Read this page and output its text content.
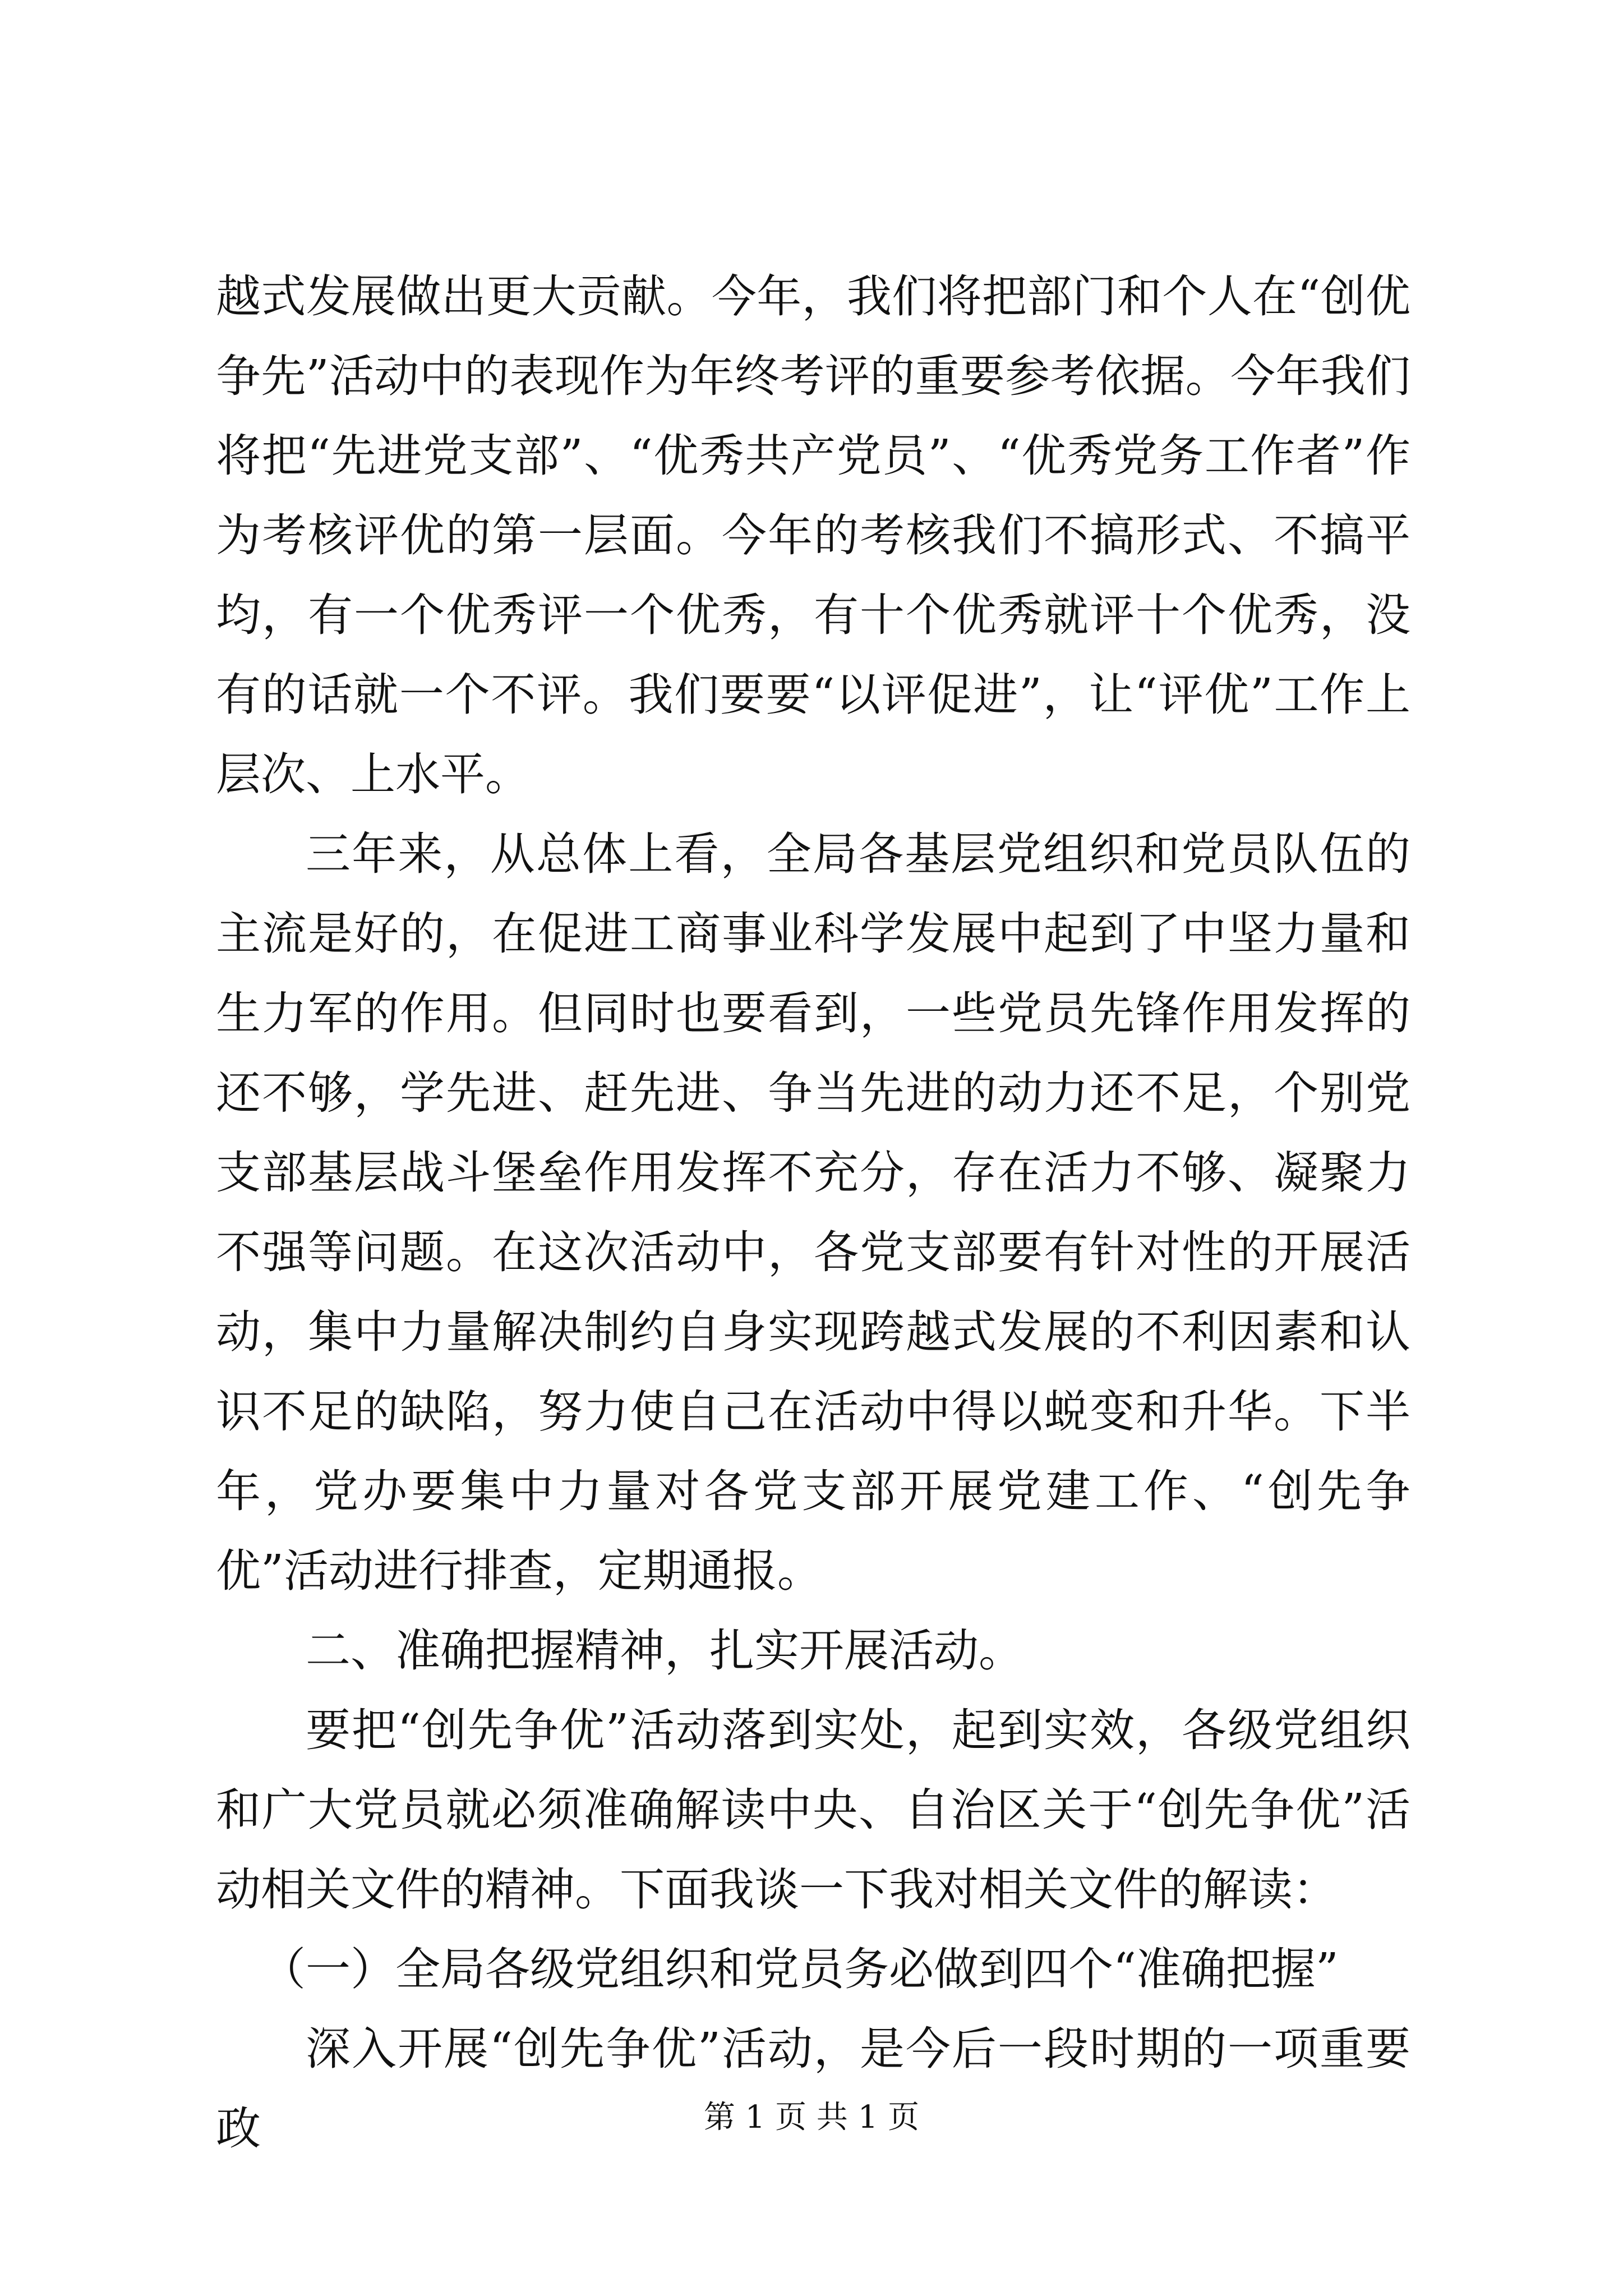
越式发展做出更大贡献。今年，我们将把部门和个人在“创优争先”活动中的表现作为年终考评的重要参考依据。今年我们将把“先进党支部”、“优秀共产党员”、“优秀党务工作者”作为考核评优的第一层面。今年的考核我们不搞形式、不搞平均，有一个优秀评一个优秀，有十个优秀就评十个优秀，没有的话就一个不评。我们要要“以评促进”，让“评优”工作上层次、上水平。

三年来，从总体上看，全局各基层党组织和党员队伍的主流是好的，在促进工商事业科学发展中起到了中坚力量和生力军的作用。但同时也要看到，一些党员先锋作用发挥的还不够，学先进、赶先进、争当先进的动力还不足，个别党支部基层战斗堡垒作用发挥不充分，存在活力不够、凝聚力不强等问题。在这次活动中，各党支部要有针对性的开展活动，集中力量解决制约自身实现跨越式发展的不利因素和认识不足的缺陷，努力使自己在活动中得以蜕变和升华。下半年，党办要集中力量对各党支部开展党建工作、“创先争优”活动进行排查，定期通报。

二、准确把握精神，扎实开展活动。

要把“创先争优”活动落到实处，起到实效，各级党组织和广大党员就必须准确解读中央、自治区关于“创先争优”活动相关文件的精神。下面我谈一下我对相关文件的解读：

（一）全局各级党组织和党员务必做到四个“准确把握”

深入开展“创先争优”活动，是今后一段时期的一项重要政	第 1 页 共 1 页
